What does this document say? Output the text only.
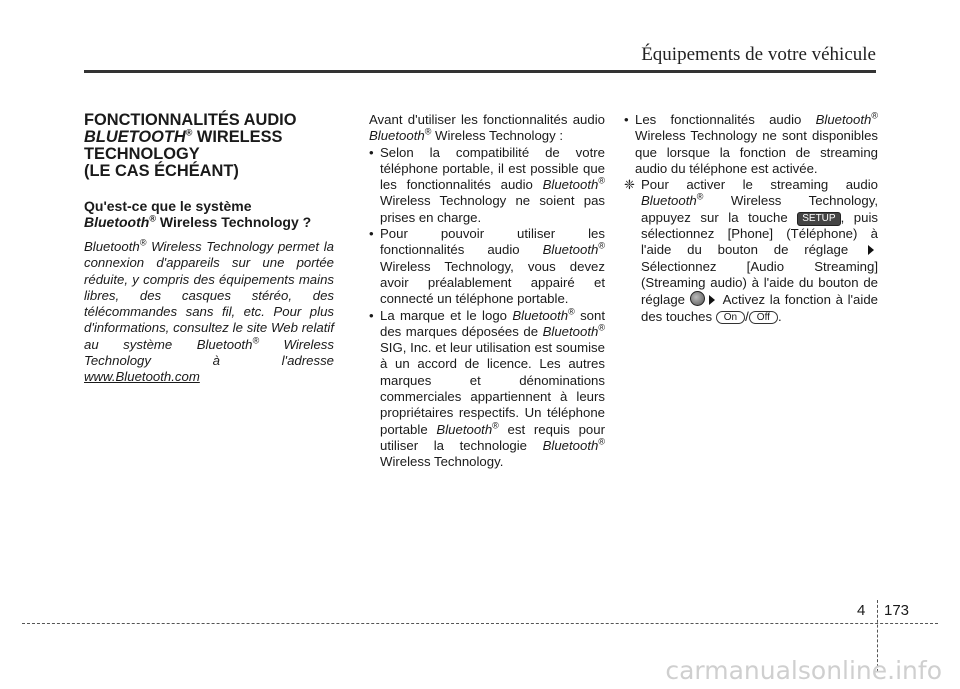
Équipements de votre véhicule
FONCTIONNALITÉS AUDIO
BLUETOOTH® WIRELESS
TECHNOLOGY
(LE CAS ÉCHÉANT)
Qu'est-ce que le système
Bluetooth® Wireless Technology ?

Bluetooth® Wireless Technology permet la connexion d'appareils sur une portée réduite, y compris des équipements mains libres, des casques stéréo, des télécommandes sans fil, etc. Pour plus d'informations, consultez le site Web relatif au système Bluetooth® Wireless Technology à l'adresse www.Bluetooth.com

Avant d'utiliser les fonctionnalités audio Bluetooth® Wireless Technology :

• Selon la compatibilité de votre téléphone portable, il est possible que les fonctionnalités audio Bluetooth® Wireless Technology ne soient pas prises en charge.
• Pour pouvoir utiliser les fonctionnalités audio Bluetooth® Wireless Technology, vous devez avoir préalablement appairé et connecté un téléphone portable.
• La marque et le logo Bluetooth® sont des marques déposées de Bluetooth® SIG, Inc. et leur utilisation est soumise à un accord de licence. Les autres marques et dénominations commerciales appartiennent à leurs propriétaires respectifs. Un téléphone portable Bluetooth® est requis pour utiliser la technologie Bluetooth® Wireless Technology.
• Les fonctionnalités audio Bluetooth® Wireless Technology ne sont disponibles que lorsque la fonction de streaming audio du téléphone est activée.

❈ Pour activer le streaming audio Bluetooth® Wireless Technology, appuyez sur la touche SETUP , puis sélectionnez [Phone] (Téléphone) à l'aide du bouton de réglage  Sélectionnez [Audio Streaming] (Streaming audio) à l'aide du bouton de réglage  Activez la fonction à l'aide des touches On / Off .

4 173
carmanualsonline.info
